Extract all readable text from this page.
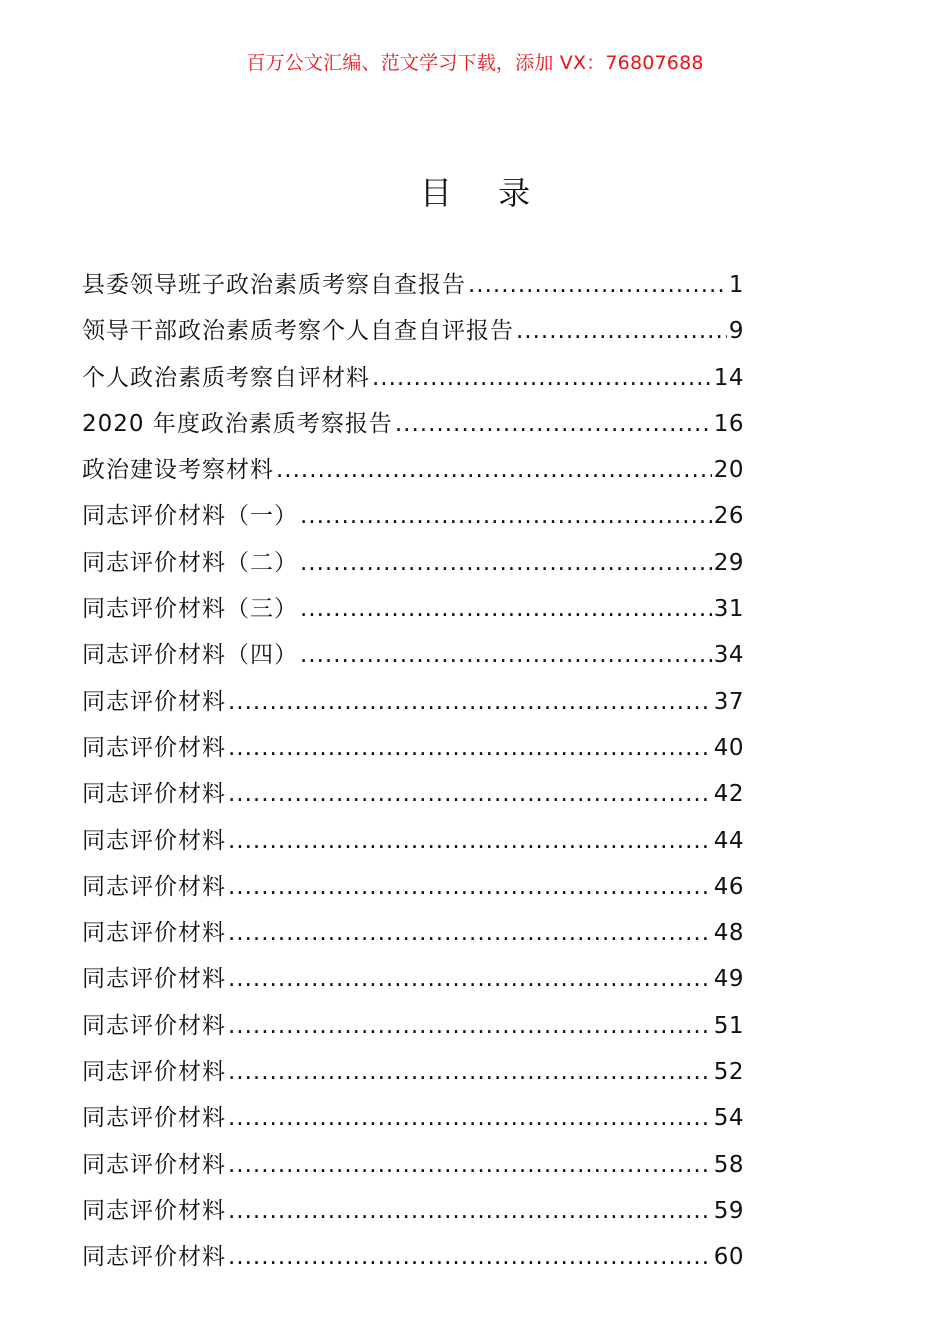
百万公文汇编、范文学习下载，添加 VX：76807688
目 录
县委领导班子政治素质考察自查报告 .....	1
领导干部政治素质考察个人自查自评报告 .....	9
个人政治素质考察自评材料 .....	14
2020 年度政治素质考察报告 .....	16
政治建设考察材料 .....	20
同志评价材料（一） .....	26
同志评价材料（二） .....	29
同志评价材料（三） .....	31
同志评价材料（四） .....	34
同志评价材料 .....	37
同志评价材料 .....	40
同志评价材料 .....	42
同志评价材料 .....	44
同志评价材料 .....	46
同志评价材料 .....	48
同志评价材料 .....	49
同志评价材料 .....	51
同志评价材料 .....	52
同志评价材料 .....	54
同志评价材料 .....	58
同志评价材料 .....	59
同志评价材料 .....	60
